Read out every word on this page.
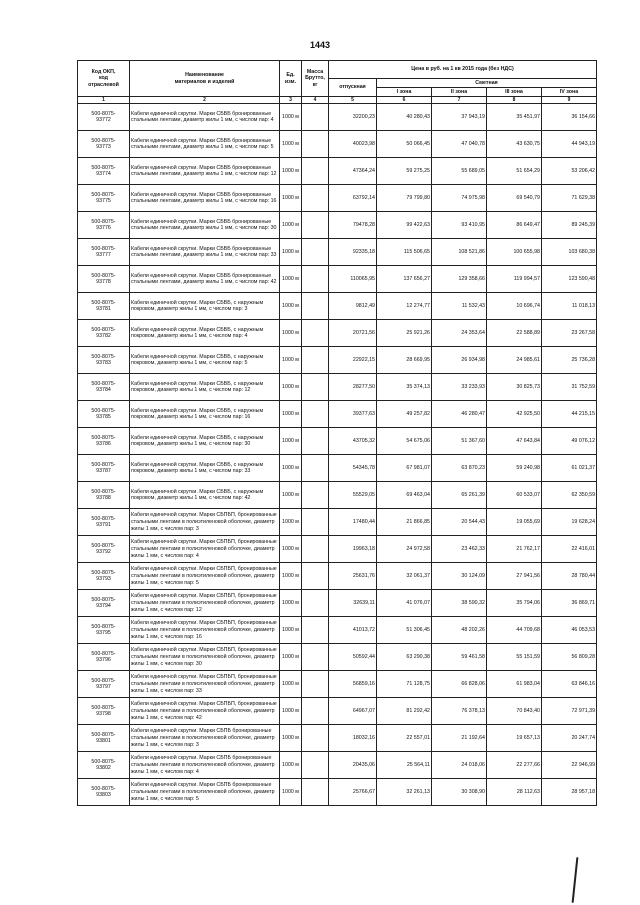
1443
Код ОКП,
код
отраслевой	Наименование
материалов и изделий	Ед.
изм.	Масса
Брутто,
кг	Цена в руб. на 1 кв 2015 года (без НДС)				
				отпускная	Сметная			
					I зона	II зона	III зона	IV зона
1	2	3	4	5	6	7	8	9
500-8075-
93772	Кабели единичной скрутки. Марки СБВБ бронированные стальными лентами, диаметр жилы 1 мм, с числом пар: 4	1000 м		32200,23	40 280,43	37 943,19	35 451,97	36 154,66
500-8075-
93773	Кабели единичной скрутки. Марки СБВБ бронированные стальными лентами, диаметр жилы 1 мм, с числом пар: 5	1000 м		40023,98	50 066,45	47 040,78	43 630,75	44 943,19
500-8075-
93774	Кабели единичной скрутки. Марки СБВБ бронированные стальными лентами, диаметр жилы 1 мм, с числом пар: 12	1000 м		47364,24	59 275,25	55 689,05	51 654,29	53 206,42
500-8075-
93775	Кабели единичной скрутки. Марки СБВБ бронированные стальными лентами, диаметр жилы 1 мм, с числом пар: 16	1000 м		63792,14	79 799,80	74 975,98	69 540,79	71 629,38
500-8075-
93776	Кабели единичной скрутки. Марки СБВБ бронированные стальными лентами, диаметр жилы 1 мм, с числом пар: 30	1000 м		79478,28	99 422,63	93 410,95	86 649,47	89 245,39
500-8075-
93777	Кабели единичной скрутки. Марки СБВБ бронированные стальными лентами, диаметр жилы 1 мм, с числом пар: 33	1000 м		92335,18	115 506,65	108 521,86	100 655,98	103 680,38
500-8075-
93778	Кабели единичной скрутки. Марки СБВБ бронированные стальными лентами, диаметр жилы 1 мм, с числом пар: 42	1000 м		110065,95	137 656,27	129 358,66	119 994,57	123 590,48
500-8075-
93781	Кабели единичной скрутки. Марки СБВБ, с наружным покровом, диаметр жилы 1 мм, с числом пар: 3	1000 м		9812,49	12 274,77	11 532,43	10 696,74	11 018,13
500-8075-
93782	Кабели единичной скрутки. Марки СБВБ, с наружным покровом, диаметр жилы 1 мм, с числом пар: 4	1000 м		20721,56	25 921,26	24 353,64	22 588,89	23 267,58
500-8075-
93783	Кабели единичной скрутки. Марки СБВБ, с наружным покровом, диаметр жилы 1 мм, с числом пар: 5	1000 м		22922,15	28 669,95	26 934,98	24 985,61	25 736,28
500-8075-
93784	Кабели единичной скрутки. Марки СБВБ, с наружным покровом, диаметр жилы 1 мм, с числом пар: 12	1000 м		28277,50	35 374,13	33 233,93	30 825,73	31 752,59
500-8075-
93785	Кабели единичной скрутки. Марки СБВБ, с наружным покровом, диаметр жилы 1 мм, с числом пар: 16	1000 м		39377,63	49 257,82	46 280,47	42 925,50	44 215,15
500-8075-
93786	Кабели единичной скрутки. Марки СБВБ, с наружным покровом, диаметр жилы 1 мм, с числом пар: 30	1000 м		43705,32	54 675,06	51 367,60	47 643,84	49 076,12
500-8075-
93787	Кабели единичной скрутки. Марки СБВБ, с наружным покровом, диаметр жилы 1 мм, с числом пар: 33	1000 м		54345,78	67 981,07	63 870,23	59 240,98	61 021,37
500-8075-
93788	Кабели единичной скрутки. Марки СБВБ, с наружным покровом, диаметр жилы 1 мм, с числом пар: 42	1000 м		55529,05	69 463,04	65 261,39	60 533,07	62 350,59
500-8075-
93791	Кабели единичной скрутки. Марки СБПБП, бронированные стальными лентами в полиэтиленовой оболочке, диаметр жилы 1 мм, с числом пар: 3	1000 м		17480,44	21 866,85	20 544,43	19 055,69	19 628,24
500-8075-
93792	Кабели единичной скрутки. Марки СБПБП, бронированные стальными лентами в полиэтиленовой оболочке, диаметр жилы 1 мм, с числом пар: 4	1000 м		19963,18	24 972,58	23 462,33	21 762,17	22 416,01
500-8075-
93793	Кабели единичной скрутки. Марки СБПБП, бронированные стальными лентами в полиэтиленовой оболочке, диаметр жилы 1 мм, с числом пар: 5	1000 м		25631,76	32 061,37	30 124,09	27 941,56	28 780,44
500-8075-
93794	Кабели единичной скрутки. Марки СБПБП, бронированные стальными лентами в полиэтиленовой оболочке, диаметр жилы 1 мм, с числом пар: 12	1000 м		32639,11	41 076,07	38 590,32	35 794,06	36 869,71
500-8075-
93795	Кабели единичной скрутки. Марки СБПБП, бронированные стальными лентами в полиэтиленовой оболочке, диаметр жилы 1 мм, с числом пар: 16	1000 м		41013,72	51 306,45	48 202,26	44 709,68	46 053,53
500-8075-
93796	Кабели единичной скрутки. Марки СБПБП, бронированные стальными лентами в полиэтиленовой оболочке, диаметр жилы 1 мм, с числом пар: 30	1000 м		50592,44	63 290,38	59 461,58	55 151,59	56 809,28
500-8075-
93797	Кабели единичной скрутки. Марки СБПБП, бронированные стальными лентами в полиэтиленовой оболочке, диаметр жилы 1 мм, с числом пар: 33	1000 м		56859,16	71 128,75	66 828,06	61 983,04	63 846,16
500-8075-
93798	Кабели единичной скрутки. Марки СБПБП, бронированные стальными лентами в полиэтиленовой оболочке, диаметр жилы 1 мм, с числом пар: 42	1000 м		64967,07	81 292,42	76 378,13	70 843,40	72 971,39
500-8075-
93801	Кабели единичной скрутки. Марки СБПБ бронированные стальными лентами в полиэтиленовой оболочке, диаметр жилы 1 мм, с числом пар: 3	1000 м		18032,16	22 557,01	21 192,64	19 657,13	20 247,74
500-8075-
93802	Кабели единичной скрутки. Марки СБПБ бронированные стальными лентами в полиэтиленовой оболочке, диаметр жилы 1 мм, с числом пар: 4	1000 м		20435,06	25 564,11	24 018,06	22 277,66	22 946,99
500-8075-
93803	Кабели единичной скрутки. Марки СБПБ бронированные стальными лентами в полиэтиленовой оболочке, диаметр жилы 1 мм, с числом пар: 5	1000 м		25766,67	32 261,13	30 308,90	28 112,63	28 957,18
